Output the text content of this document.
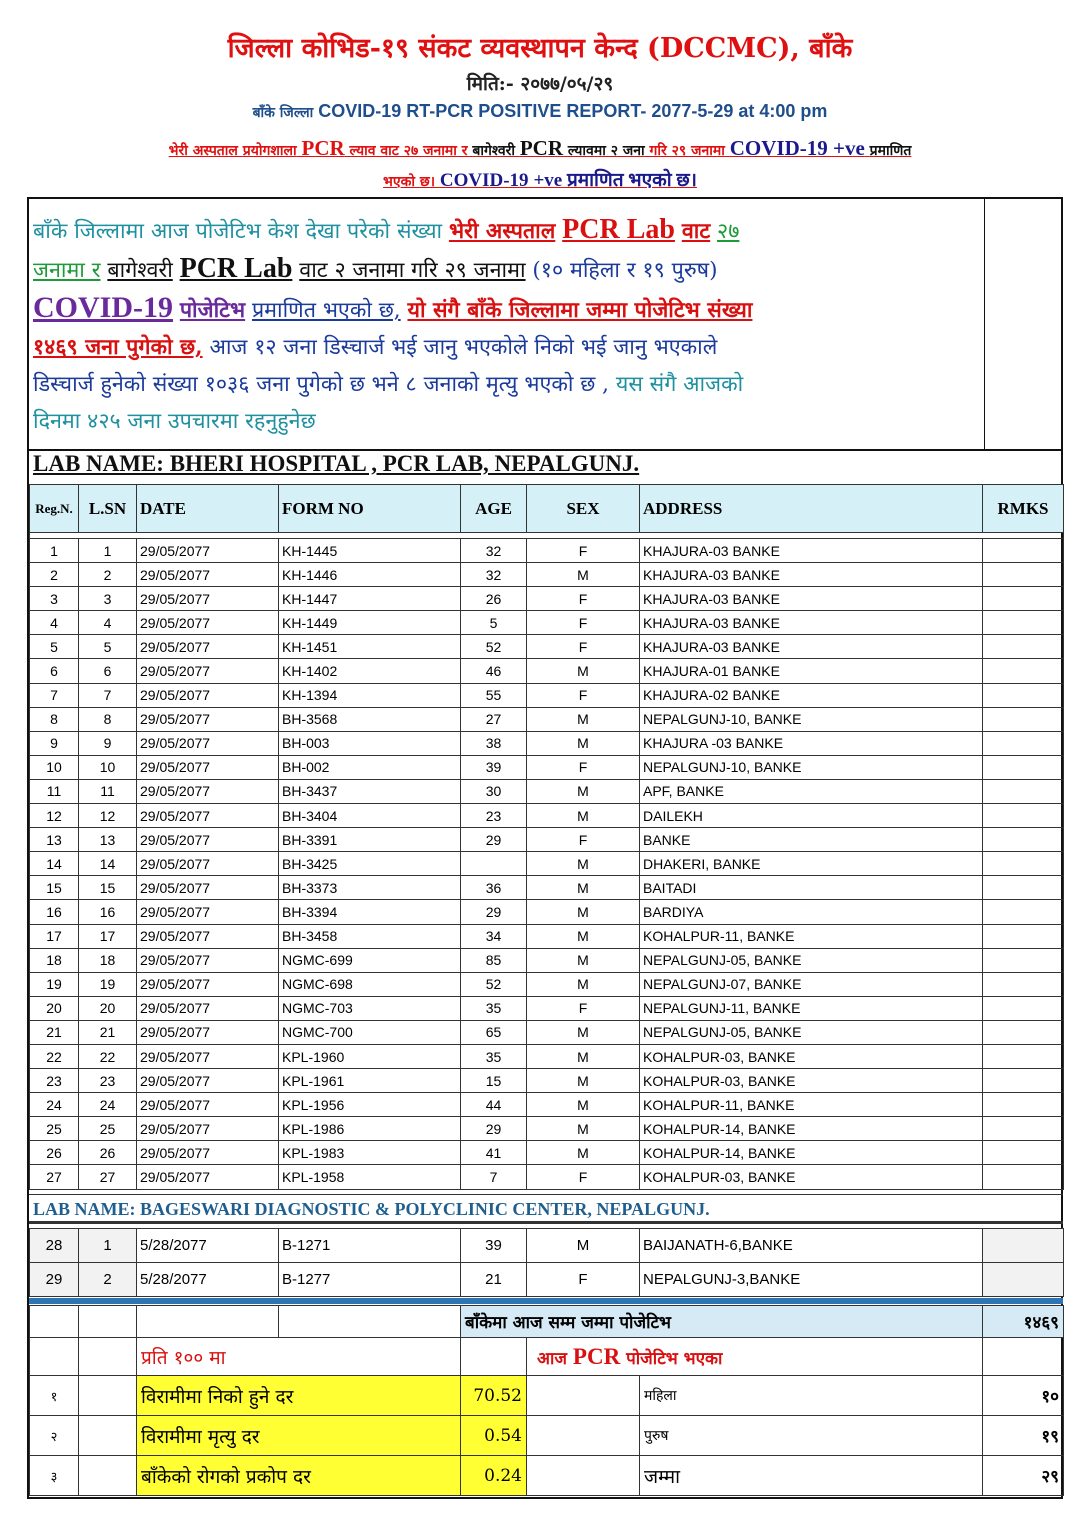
जिल्ला कोभिड-१९ संकट व्यवस्थापन केन्द (DCCMC), बाँके
मिति:- २०७७/०५/२९
बाँके जिल्ला COVID-19 RT-PCR POSITIVE REPORT- 2077-5-29 at 4:00 pm
भेरी अस्पताल प्रयोगशाला PCR ल्याव वाट २७ जनामा र बागेश्वरी PCR ल्यावमा २ जना गरि २९ जनामा COVID-19 +ve प्रमाणित
भएको छ। COVID-19 +ve प्रमाणित भएको छ।
बाँके जिल्लामा आज पोजेटिभ केश देखा परेको संख्या भेरी अस्पताल PCR Lab वाट २७
जनामा र बागेश्वरी PCR Lab वाट २ जनामा गरि २९ जनामा (१० महिला र १९ पुरुष)
COVID-19 पोजेटिभ प्रमाणित भएको छ, यो संगै बाँके जिल्लामा जम्मा पोजेटिभ संख्या
१४६९ जना पुगेको छ, आज १२ जना डिस्चार्ज भई जानु भएकोले निको भई जानु भएकाले
डिस्चार्ज हुनेको संख्या १०३६ जना पुगेको छ भने ८ जनाको मृत्यु भएको छ , यस संगै आजको
दिनमा ४२५ जना उपचारमा रहनुहुनेछ
LAB NAME: BHERI HOSPITAL , PCR LAB, NEPALGUNJ.
Reg.N.	L.SN	DATE	FORM NO	AGE	SEX	ADDRESS	RMKS

1	1	29/05/2077	KH-1445	32	F	KHAJURA-03 BANKE	
2	2	29/05/2077	KH-1446	32	M	KHAJURA-03 BANKE	
3	3	29/05/2077	KH-1447	26	F	KHAJURA-03 BANKE	
4	4	29/05/2077	KH-1449	5	F	KHAJURA-03 BANKE	
5	5	29/05/2077	KH-1451	52	F	KHAJURA-03 BANKE	
6	6	29/05/2077	KH-1402	46	M	KHAJURA-01 BANKE	
7	7	29/05/2077	KH-1394	55	F	KHAJURA-02 BANKE	
8	8	29/05/2077	BH-3568	27	M	NEPALGUNJ-10, BANKE	
9	9	29/05/2077	BH-003	38	M	KHAJURA -03 BANKE	
10	10	29/05/2077	BH-002	39	F	NEPALGUNJ-10, BANKE	
11	11	29/05/2077	BH-3437	30	M	APF, BANKE	
12	12	29/05/2077	BH-3404	23	M	DAILEKH	
13	13	29/05/2077	BH-3391	29	F	BANKE	
14	14	29/05/2077	BH-3425		M	DHAKERI, BANKE	
15	15	29/05/2077	BH-3373	36	M	BAITADI	
16	16	29/05/2077	BH-3394	29	M	BARDIYA	
17	17	29/05/2077	BH-3458	34	M	KOHALPUR-11, BANKE	
18	18	29/05/2077	NGMC-699	85	M	NEPALGUNJ-05, BANKE	
19	19	29/05/2077	NGMC-698	52	M	NEPALGUNJ-07, BANKE	
20	20	29/05/2077	NGMC-703	35	F	NEPALGUNJ-11, BANKE	
21	21	29/05/2077	NGMC-700	65	M	NEPALGUNJ-05, BANKE	
22	22	29/05/2077	KPL-1960	35	M	KOHALPUR-03, BANKE	
23	23	29/05/2077	KPL-1961	15	M	KOHALPUR-03, BANKE	
24	24	29/05/2077	KPL-1956	44	M	KOHALPUR-11, BANKE	
25	25	29/05/2077	KPL-1986	29	M	KOHALPUR-14, BANKE	
26	26	29/05/2077	KPL-1983	41	M	KOHALPUR-14, BANKE	
27	27	29/05/2077	KPL-1958	7	F	KOHALPUR-03, BANKE	
LAB NAME: BAGESWARI DIAGNOSTIC & POLYCLINIC CENTER, NEPALGUNJ.
28	1	5/28/2077	B-1271	39	M	BAIJANATH-6,BANKE	
29	2	5/28/2077	B-1277	21	F	NEPALGUNJ-3,BANKE	
				बाँकेमा आज सम्म जम्मा पोजेटिभ			१४६९
		प्रति १०० मा			आज PCR पोजेटिभ भएका		
१		विरामीमा निको हुने दर		70.52		महिला	१०
२		विरामीमा मृत्यु दर		0.54		पुरुष	१९
३		बाँकेको रोगको प्रकोप दर		0.24		जम्मा	२९
